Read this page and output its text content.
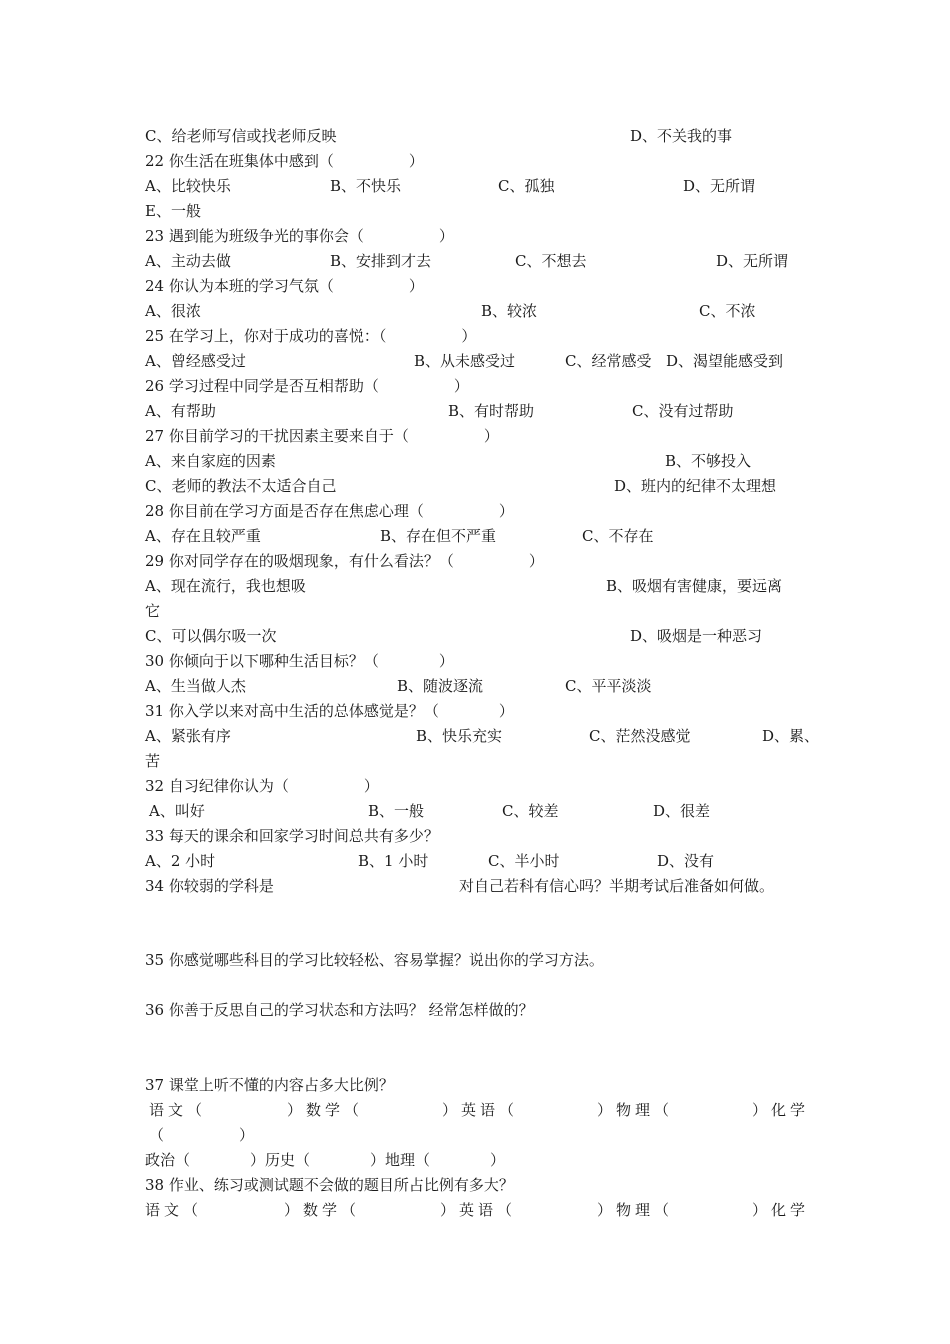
C、给老师写信或找老师反映	D、不关我的事
22 你生活在班集体中感到（　　　　　）
A、比较快乐	B、不快乐	C、孤独	D、无所谓
E、一般
23 遇到能为班级争光的事你会（　　　　　）
A、主动去做	B、安排到才去	C、不想去	D、无所谓
24 你认为本班的学习气氛（　　　　　）
A、很浓	B、较浓	C、不浓
25 在学习上，你对于成功的喜悦：（　　　　　）
A、曾经感受过	B、从未感受过	C、经常感受 D、渴望能感受到
26 学习过程中同学是否互相帮助（　　　　　）
A、有帮助	B、有时帮助	C、没有过帮助
27 你目前学习的干扰因素主要来自于（　　　　　）
A、来自家庭的因素	B、不够投入
C、老师的教法不太适合自己	D、班内的纪律不太理想
28 你目前在学习方面是否存在焦虑心理（　　　　　）
A、存在且较严重	B、存在但不严重	C、不存在
29 你对同学存在的吸烟现象，有什么看法？（　　　　　）
A、现在流行，我也想吸	B、吸烟有害健康，要远离
它
C、可以偶尔吸一次	D、吸烟是一种恶习
30 你倾向于以下哪种生活目标？（　　　　）
A、生当做人杰	B、随波逐流	C、平平淡淡
31 你入学以来对高中生活的总体感觉是？（　　　　）
A、紧张有序	B、快乐充实	C、茫然没感觉	D、累、
苦
32 自习纪律你认为（　　　　　）
A、叫好	B、一般	C、较差	D、很差
33 每天的课余和回家学习时间总共有多少？
A、2 小时	B、1 小时	C、半小时	D、没有
34 你较弱的学科是	对自己若科有信心吗？半期考试后准备如何做。
35 你感觉哪些科目的学习比较轻松、容易掌握？说出你的学习方法。
36 你善于反思自己的学习状态和方法吗？ 经常怎样做的？
37 课堂上听不懂的内容占多大比例？
语文（	）数学（	）英语（	）物理（	）化学
（　　　　　）
政治（　　　　）历史（　　　　）地理（　　　　）
38 作业、练习或测试题不会做的题目所占比例有多大？
语文（	）数学（	）英语（	）物理（	）化学
